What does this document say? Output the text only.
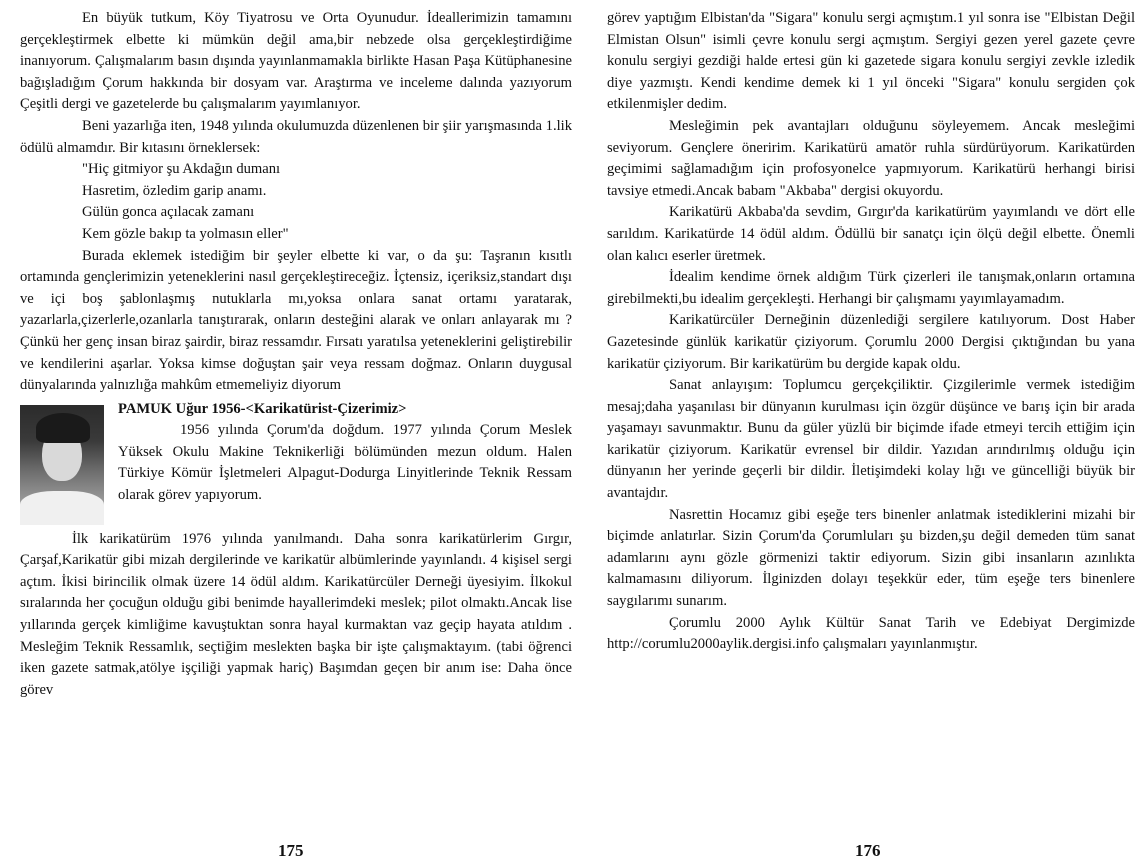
En büyük tutkum, Köy Tiyatrosu ve Orta Oyunudur. İdeallerimizin tamamını gerçekleştirmek elbette ki mümkün değil ama,bir nebzede olsa gerçekleştirdiğime inanıyorum. Çalışmalarım basın dışında yayınlanmamakla birlikte Hasan Paşa Kütüphanesine bağışladığım Çorum hakkında bir dosyam var. Araştırma ve inceleme dalında yazıyorum Çeşitli dergi ve gazetelerde bu çalışmalarım yayımlanıyor.

Beni yazarlığa iten, 1948 yılında okulumuzda düzenlenen bir şiir yarışmasında 1.lik ödülü almamdır. Bir kıtasını örneklersek:

"Hiç gitmiyor şu Akdağın dumanı
Hasretim, özledim garip anamı.
Gülün gonca açılacak zamanı
Kem gözle bakıp ta yolmasın eller"

Burada eklemek istediğim bir şeyler elbette ki var, o da şu: Taşranın kısıtlı ortamında gençlerimizin yeteneklerini nasıl gerçekleştireceğiz. İçtensiz, içeriksiz,standart dışı ve içi boş şablonlaşmış nutuklarla mı,yoksa onlara sanat ortamı yaratarak, yazarlarla,çizerlerle,ozanlarla tanıştırarak, onların desteğini alarak ve onları anlayarak mı ? Çünkü her genç insan biraz şairdir, biraz ressamdır. Fırsatı yaratılsa yeteneklerini geliştirebilir ve kendilerini aşarlar. Yoksa kimse doğuştan şair veya ressam doğmaz. Onların duygusal dünyalarında yalnızlığa mahkûm etmemeliyiz diyorum

PAMUK Uğur 1956-<Karikatürist-Çizerimiz>

1956 yılında Çorum'da doğdum. 1977 yılında Çorum Meslek Yüksek Okulu Makine Teknikerliği bölümünden mezun oldum. Halen Türkiye Kömür İşletmeleri Alpagut-Dodurga Linyitlerinde Teknik Ressam olarak görev yapıyorum.

İlk karikatürüm 1976 yılında yanılmandı. Daha sonra karikatürlerim Gırgır, Çarşaf,Karikatür gibi mizah dergilerinde ve karikatür albümlerinde yayınlandı. 4 kişisel sergi açtım. İkisi birincilik olmak üzere 14 ödül aldım. Karikatürcüler Derneği üyesiyim. İlkokul sıralarında her çocuğun olduğu gibi benimde hayallerimdeki meslek; pilot olmaktı.Ancak lise yıllarında gerçek kimliğime kavuştuktan sonra hayal kurmaktan vaz geçip hayata atıldım . Mesleğim Teknik Ressamlık, seçtiğim meslekten başka bir işte çalışmaktayım. (tabi öğrenci iken gazete satmak,atölye işçiliği yapmak hariç) Başımdan geçen bir anım ise: Daha önce görev

175

görev yaptığım Elbistan'da "Sigara" konulu sergi açmıştım.1 yıl sonra ise "Elbistan Değil Elmistan Olsun" isimli çevre konulu sergi açmıştım. Sergiyi gezen yerel gazete çevre konulu sergiyi gezdiği halde ertesi gün ki gazetede sigara konulu sergiyi zevkle izledik diye yazmıştı. Kendi kendime demek ki 1 yıl önceki "Sigara" konulu sergiden çok etkilenmişler dedim.

Mesleğimin pek avantajları olduğunu söyleyemem. Ancak mesleğimi seviyorum. Gençlere öneririm. Karikatürü amatör ruhla sürdürüyorum. Karikatürden geçimimi sağlamadığım için profosyonelce yapmıyorum. Karikatürü herhangi birisi tavsiye etmedi.Ancak babam "Akbaba" dergisi okuyordu.

Karikatürü Akbaba'da sevdim, Gırgır'da karikatürüm yayımlandı ve dört elle sarıldım. Karikatürde 14 ödül aldım. Ödüllü bir sanatçı için ölçü değil elbette. Önemli olan kalıcı eserler üretmek.

İdealim kendime örnek aldığım Türk çizerleri ile tanışmak,onların ortamına girebilmekti,bu idealim gerçekleşti. Herhangi bir çalışmamı yayımlayamadım.

Karikatürcüler Derneğinin düzenlediği sergilere katılıyorum. Dost Haber Gazetesinde günlük karikatür çiziyorum. Çorumlu 2000 Dergisi çıktığından bu yana karikatür çiziyorum. Bir karikatürüm bu dergide kapak oldu.

Sanat anlayışım: Toplumcu gerçekçiliktir. Çizgilerimle vermek istediğim mesaj;daha yaşanılası bir dünyanın kurulması için özgür düşünce ve barış için bir arada yaşamayı savunmaktır. Bunu da güler yüzlü bir biçimde ifade etmeyi tercih ettiğim için karikatür çiziyorum. Karikatür evrensel bir dildir. Yazıdan arındırılmış olduğu için dünyanın her yerinde geçerli bir dildir. İletişimdeki kolay lığı ve güncelliği büyük bir avantajdır.

Nasrettin Hocamız gibi eşeğe ters binenler anlatmak istediklerini mizahi bir biçimde anlatırlar. Sizin Çorum'da Çorumluları şu bizden,şu değil demeden tüm sanat adamlarını aynı gözle görmenizi taktir ediyorum. Sizin gibi insanların azınlıkta kalmamasını diliyorum. İlginizden dolayı teşekkür eder, tüm eşeğe ters binenlere saygılarımı sunarım.

Çorumlu 2000 Aylık Kültür Sanat Tarih ve Edebiyat Dergimizde http://corumlu2000aylik.dergisi.info çalışmaları yayınlanmıştır.

176
